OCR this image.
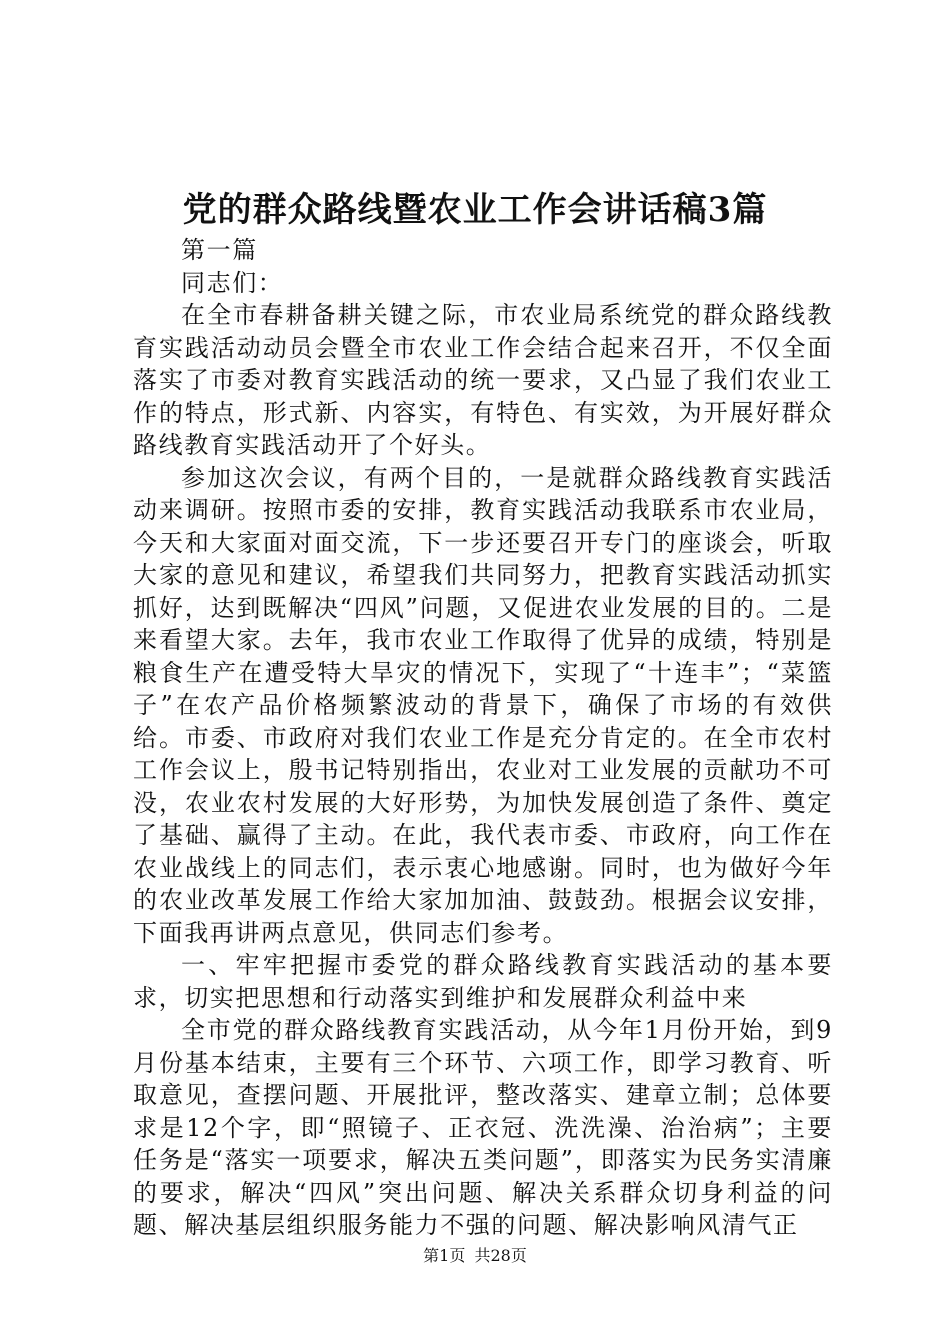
党的群众路线暨农业工作会讲话稿3篇

第一篇

同志们：

在全市春耕备耕关键之际，市农业局系统党的群众路线教育实践活动动员会暨全市农业工作会结合起来召开，不仅全面落实了市委对教育实践活动的统一要求，又凸显了我们农业工作的特点，形式新、内容实，有特色、有实效，为开展好群众路线教育实践活动开了个好头。

参加这次会议，有两个目的，一是就群众路线教育实践活动来调研。按照市委的安排，教育实践活动我联系市农业局，今天和大家面对面交流，下一步还要召开专门的座谈会，听取大家的意见和建议，希望我们共同努力，把教育实践活动抓实抓好，达到既解决“四风”问题，又促进农业发展的目的。二是来看望大家。去年，我市农业工作取得了优异的成绩，特别是粮食生产在遭受特大旱灾的情况下，实现了“十连丰”；“菜篮子”在农产品价格频繁波动的背景下，确保了市场的有效供给。市委、市政府对我们农业工作是充分肯定的。在全市农村工作会议上，殷书记特别指出，农业对工业发展的贡献功不可没，农业农村发展的大好形势，为加快发展创造了条件、奠定了基础、赢得了主动。在此，我代表市委、市政府，向工作在农业战线上的同志们，表示衷心地感谢。同时，也为做好今年的农业改革发展工作给大家加加油、鼓鼓劲。根据会议安排，下面我再讲两点意见，供同志们参考。

一、牢牢把握市委党的群众路线教育实践活动的基本要求，切实把思想和行动落实到维护和发展群众利益中来

全市党的群众路线教育实践活动，从今年1月份开始，到9月份基本结束，主要有三个环节、六项工作，即学习教育、听取意见，查摆问题、开展批评，整改落实、建章立制；总体要求是12个字，即“照镜子、正衣冠、洗洗澡、治治病”；主要任务是“落实一项要求，解决五类问题”，即落实为民务实清廉的要求，解决“四风”突出问题、解决关系群众切身利益的问题、解决基层组织服务能力不强的问题、解决影响风清气正

第1页 共28页
